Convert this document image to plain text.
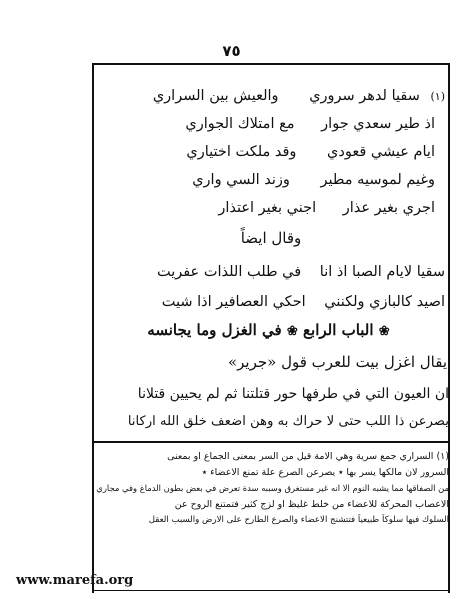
٧٥
(١) سقيا لدهر سروري والعيش بين السراري
اذ طير سعدي جوار مع امتلاك الجواري
ايام عيشي قعودي وقد ملكت اختياري
وغيم لموسيه مطير وزند السي واري
اجري بغير عذار اجني بغير اعتذار
وقال ايضاً
سقيا لايام الصبا اذ انا في طلب اللذات عفريت
اصيد كالبازي ولكنني احكي العصافير اذا شيت
❀ الباب الرابع ❀ في الغزل وما يجانسه
يقال اغزل بيت للعرب قول «جرير»
ان العيون التي في طرفها حور قتلتنا ثم لم يحيين قتلانا
يصرعن ذا اللب حتى لا حراك به وهن اضعف خلق الله اركانا
(١) السراري جمع سرية وهي الامة قيل من السر بمعنى الجماع او بمعنى
السرور لان مالكها يسر بها ٭ يصرعن الصرع علة تمنع الاعضاء ٭
من الصفاقها مما يشبه النوم الا انه غير مستغرق وسببه سدة تعرض في بعض بطون الدماغ وفي مجاري
الاعصاب المحركة للاعضاء من خلط غليظ او لزج كثير فتمتنع الروح عن
السلوك فيها سلوكاً طبيعياً فتتشنج الاعضاء والصرع الطارح على الارض والسبب العقل
www.marefa.org
